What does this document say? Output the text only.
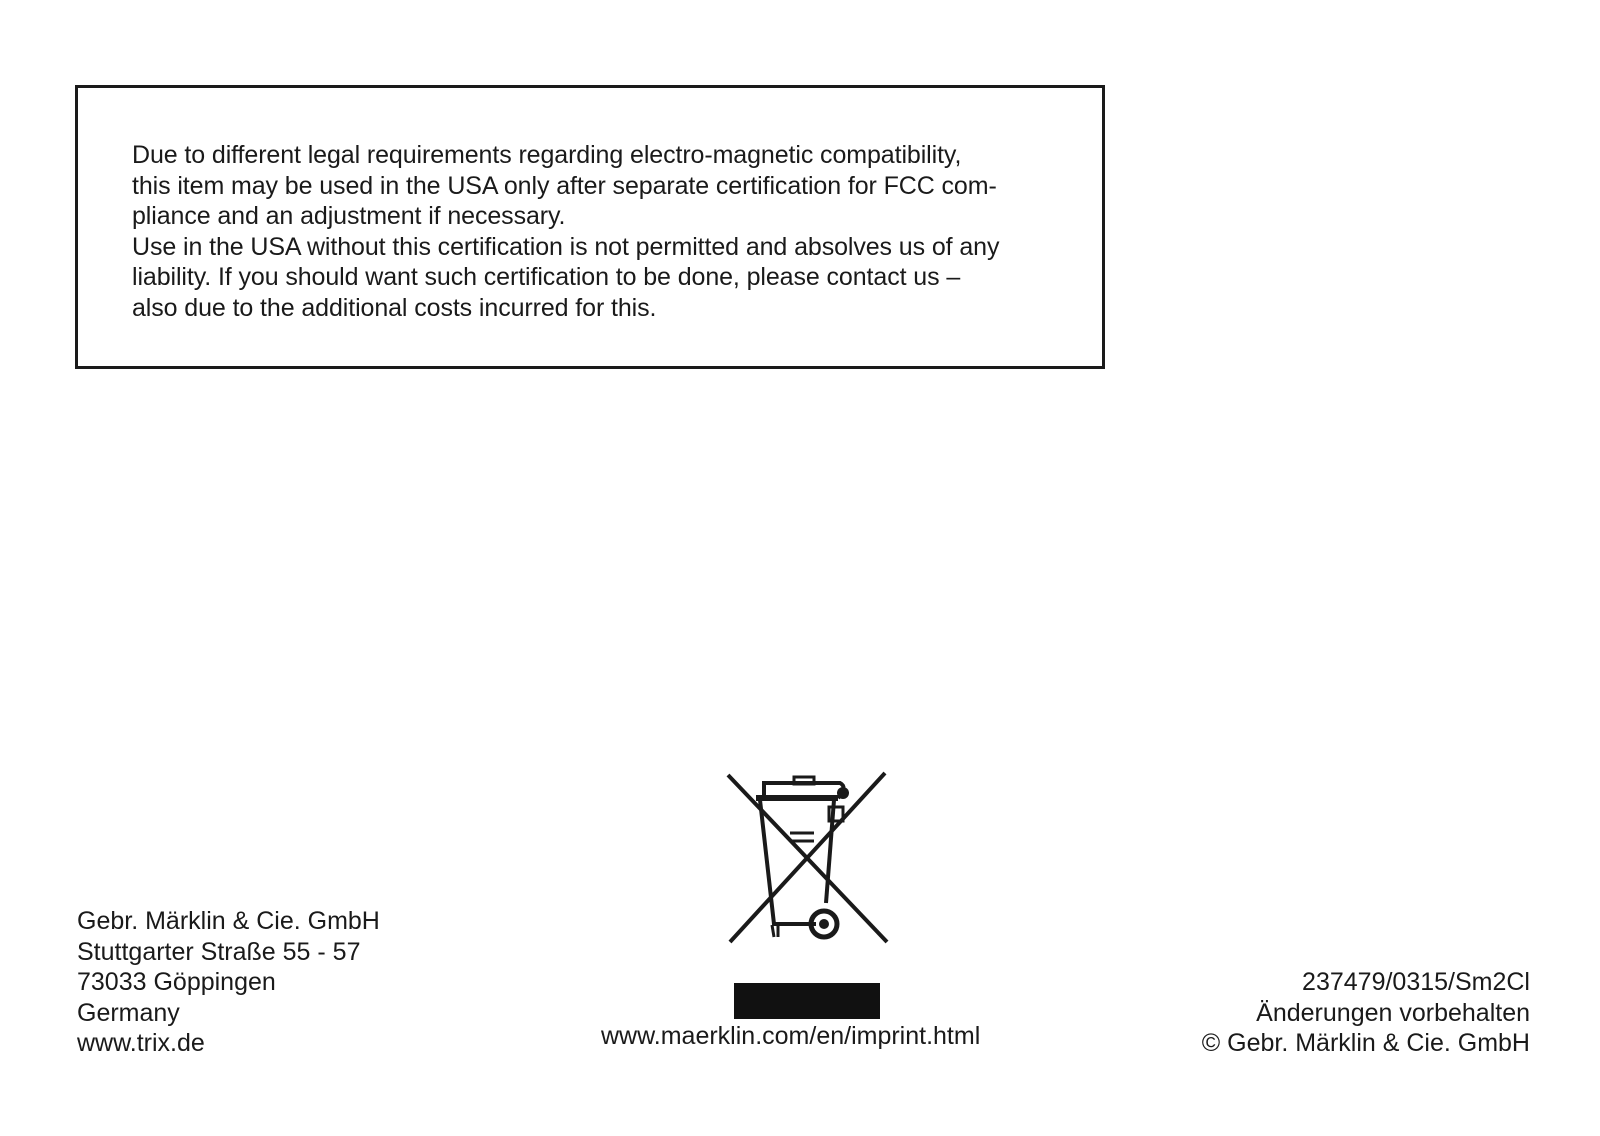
Due to different legal requirements regarding electro-magnetic compatibility,
this item may be used in the USA only after separate certification for FCC com-
pliance and an adjustment if necessary.
Use in the USA without this certification is not permitted and absolves us of any
liability. If you should want such certification to be done, please contact us –
also due to the additional costs incurred for this.
Gebr. Märklin & Cie. GmbH
Stuttgarter Straße 55 - 57
73033 Göppingen
Germany
www.trix.de	www.maerklin.com/en/imprint.html
237479/0315/Sm2Cl
Änderungen vorbehalten
© Gebr. Märklin & Cie. GmbH
